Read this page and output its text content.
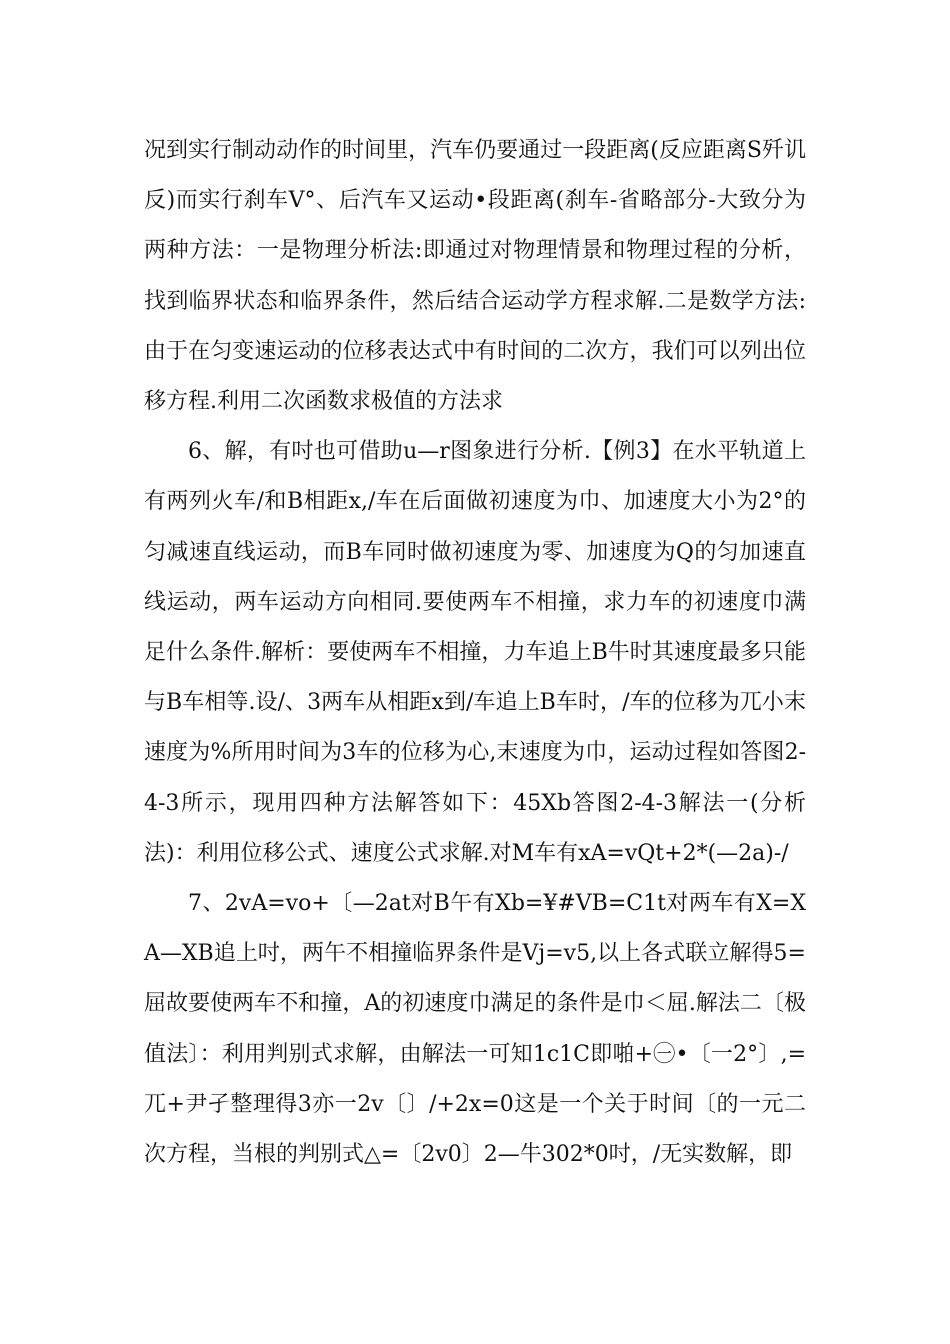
况到实行制动动作的时间里，汽车仍要通过一段距离(反应距离S歼讥反)而实行刹车V°、后汽车又运动•段距离(刹车-省略部分-大致分为两种方法：一是物理分析法:即通过对物理情景和物理过程的分析，找到临界状态和临界条件，然后结合运动学方程求解.二是数学方法:由于在匀变速运动的位移表达式中有时间的二次方，我们可以列出位移方程.利用二次函数求极值的方法求

6、解，有吋也可借助u—r图象进行分析.【例3】在水平轨道上有两列火车/和B相距x,/车在后面做初速度为巾、加速度大小为2°的匀减速直线运动，而B车同时做初速度为零、加速度为Q的匀加速直线运动，两车运动方向相同.要使两车不相撞，求力车的初速度巾满足什么条件.解析：要使两车不相撞，力车追上B牛时其速度最多只能与B车相等.设/、3两车从相距x到/车追上B车时，/车的位移为兀小末速度为%所用时间为3车的位移为心,末速度为巾，运动过程如答图2-4-3所示，现用四种方法解答如下：45Xb答图2-4-3解法一(分析法)：利用位移公式、速度公式求解.对M车有xA=vQt+2*(—2a)-/

7、2vA=vo+〔—2at对B午有Xb=¥#VB=C1t对两车有X=XA—XB追上吋，两午不相撞临界条件是Vj=v5,以上各式联立解得5=屈故要使两车不和撞，A的初速度巾满足的条件是巾＜屈.解法二〔极值法〕：利用判别式求解，由解法一可知1c1C即啪+㊀•〔一2°〕,=兀+尹孑整理得3亦一2v〔〕/+2x=0这是一个关于时间〔的一元二次方程，当根的判别式△=〔2v0〕2—牛302*0吋，/无实数解，即
